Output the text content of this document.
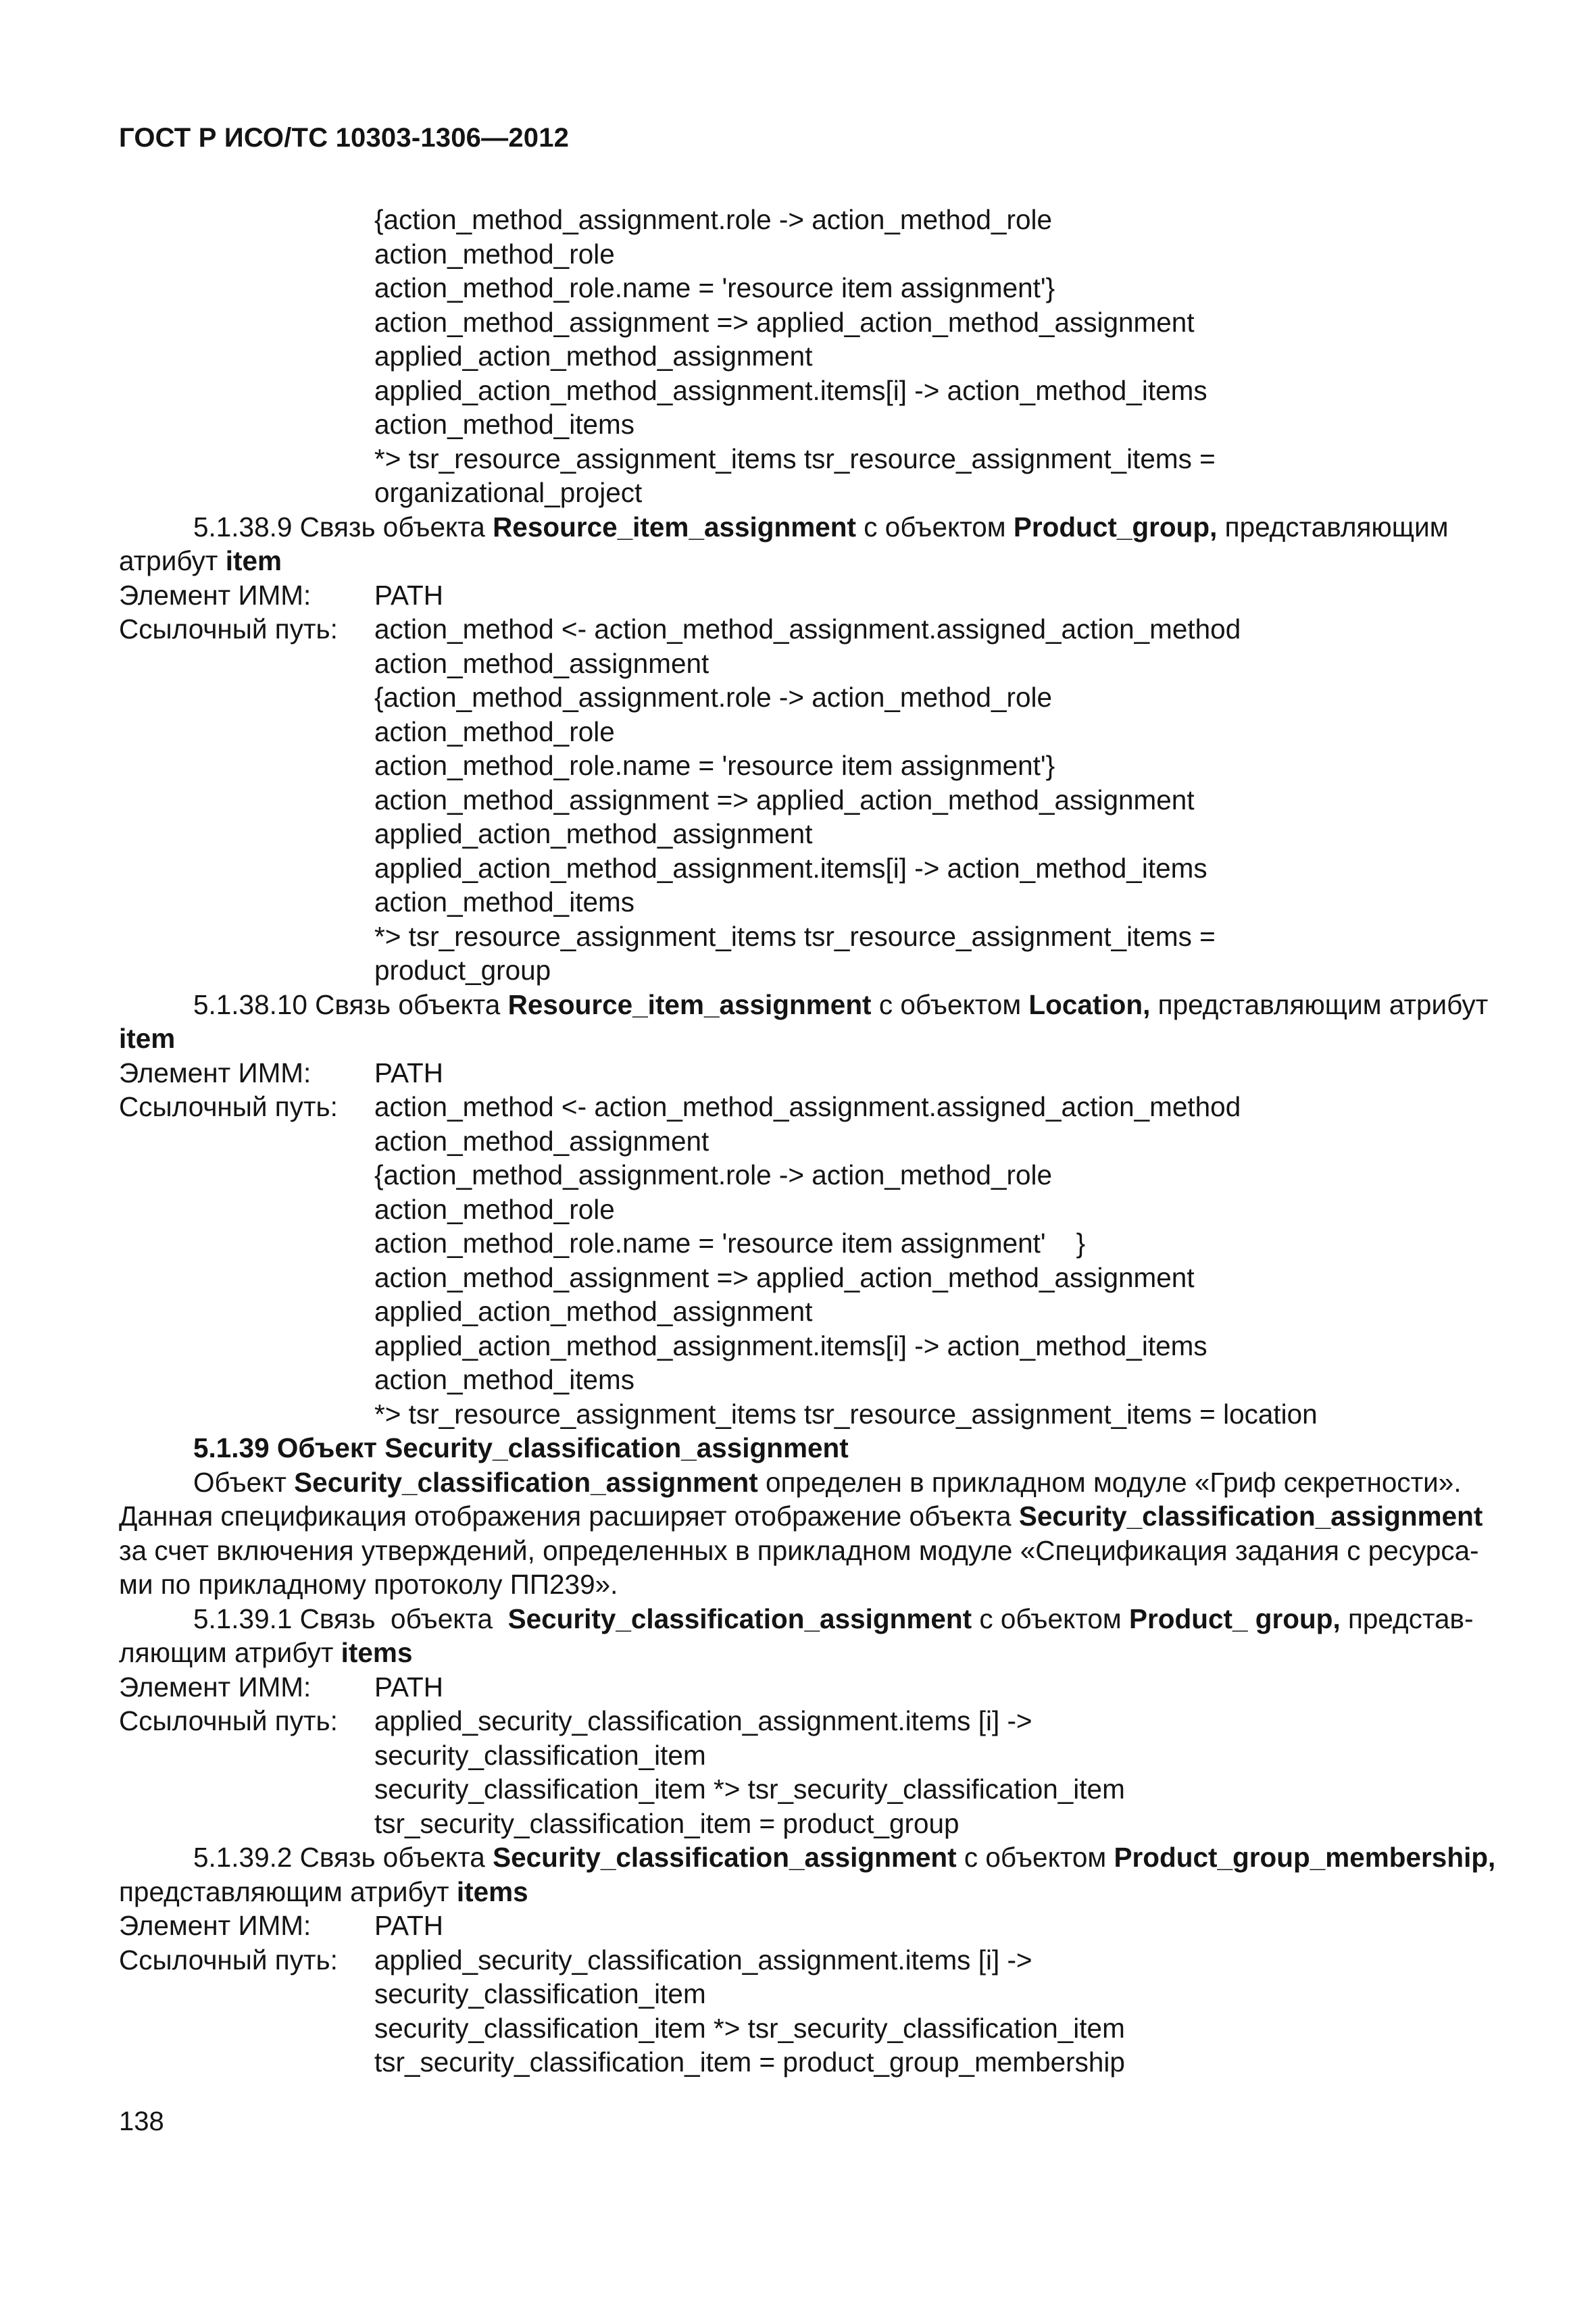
ГОСТ Р ИСО/ТС 10303-1306—2012
{action_method_assignment.role -> action_method_role
action_method_role
action_method_role.name = 'resource item assignment'}
action_method_assignment => applied_action_method_assignment
applied_action_method_assignment
applied_action_method_assignment.items[i] -> action_method_items
action_method_items
*> tsr_resource_assignment_items tsr_resource_assignment_items =
organizational_project
5.1.38.9 Связь объекта Resource_item_assignment с объектом Product_group, представляющим
атрибут item
Элемент ИММ:	PATH
Ссылочный путь:	action_method <- action_method_assignment.assigned_action_method
action_method_assignment
{action_method_assignment.role -> action_method_role
action_method_role
action_method_role.name = 'resource item assignment'}
action_method_assignment => applied_action_method_assignment
applied_action_method_assignment
applied_action_method_assignment.items[i] -> action_method_items
action_method_items
*> tsr_resource_assignment_items tsr_resource_assignment_items =
product_group
5.1.38.10 Связь объекта Resource_item_assignment с объектом Location, представляющим атрибут
item
Элемент ИММ:	PATH
Ссылочный путь:	action_method <- action_method_assignment.assigned_action_method
action_method_assignment
{action_method_assignment.role -> action_method_role
action_method_role
action_method_role.name = 'resource item assignment'    }
action_method_assignment => applied_action_method_assignment
applied_action_method_assignment
applied_action_method_assignment.items[i] -> action_method_items
action_method_items
*> tsr_resource_assignment_items tsr_resource_assignment_items = location
5.1.39 Объект Security_classification_assignment
Объект Security_classification_assignment определен в прикладном модуле «Гриф секретности».
Данная спецификация отображения расширяет отображение объекта Security_classification_assignment
за счет включения утверждений, определенных в прикладном модуле «Спецификация задания с ресурса-
ми по прикладному протоколу ПП239».
5.1.39.1 Связь  объекта  Security_classification_assignment с объектом Product_ group, представ-
ляющим атрибут items
Элемент ИММ:	PATH
Ссылочный путь:	applied_security_classification_assignment.items [i] ->
security_classification_item
security_classification_item *> tsr_security_classification_item
tsr_security_classification_item = product_group
5.1.39.2 Связь объекта Security_classification_assignment с объектом Product_group_membership,
представляющим атрибут items
Элемент ИММ:	PATH
Ссылочный путь:	applied_security_classification_assignment.items [i] ->
security_classification_item
security_classification_item *> tsr_security_classification_item
tsr_security_classification_item = product_group_membership
138
